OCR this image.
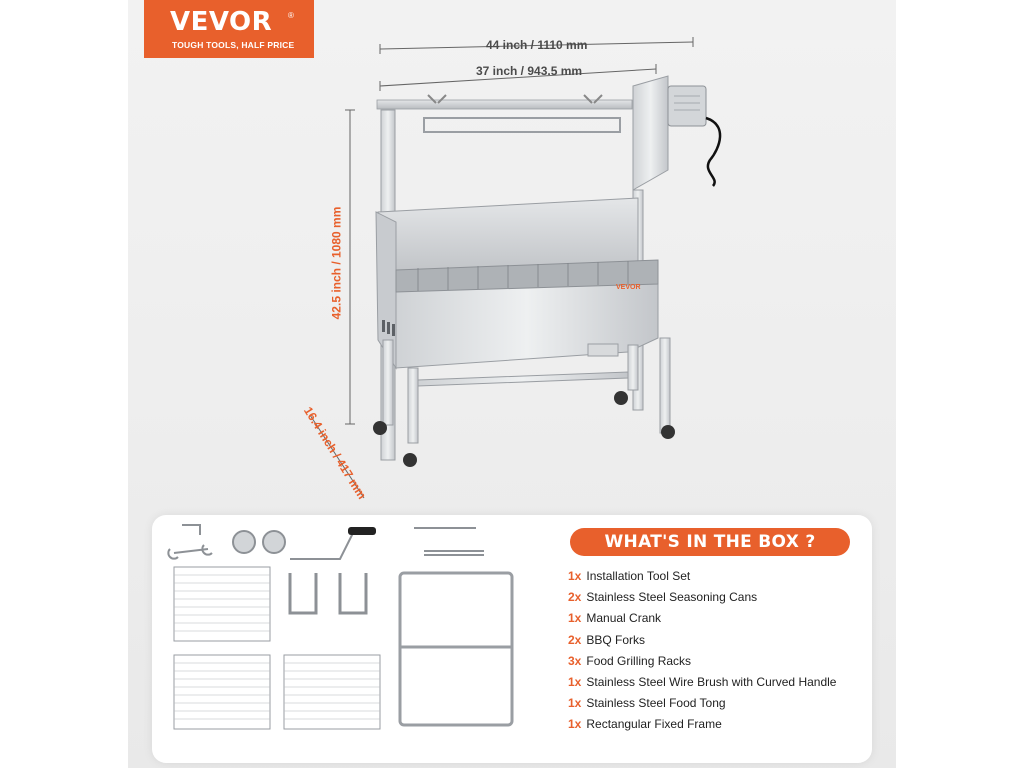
VEVOR ®
TOUGH TOOLS, HALF PRICE	44 inch / 1110 mm
37 inch / 943.5 mm
42.5 inch / 1080 mm
16.4 inch / 417 mm
VEVOR
WHAT'S IN THE BOX ?
1x Installation Tool Set
2x Stainless Steel Seasoning Cans
1x Manual Crank
2x BBQ Forks
3x Food Grilling Racks
1x Stainless Steel Wire Brush with Curved Handle
1x Stainless Steel Food Tong
1x Rectangular Fixed Frame
